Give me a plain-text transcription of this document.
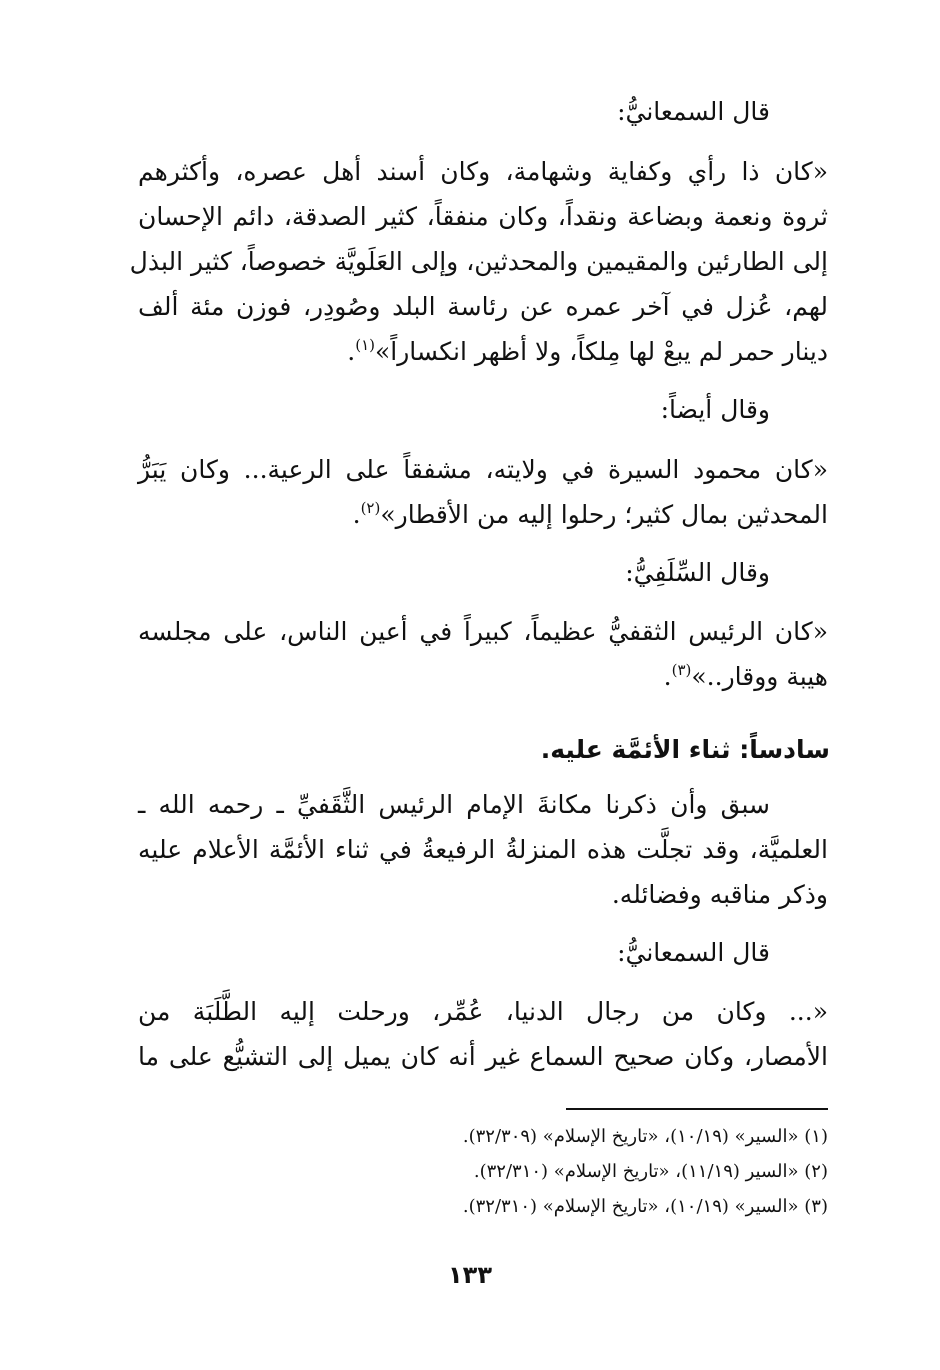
قال السمعانيُّ:
«كان ذا رأي وكفاية وشهامة، وكان أسند أهل عصره، وأكثرهم
ثروة ونعمة وبضاعة ونقداً، وكان منفقاً، كثير الصدقة، دائم الإحسان
إلى الطارئين والمقيمين والمحدثين، وإلى العَلَويَّة خصوصاً، كثير البذل
لهم، عُزل في آخر عمره عن رئاسة البلد وصُودِر، فوزن مئة ألف
دينار حمر لم يبعْ لها مِلكاً، ولا أظهر انكساراً»$^{(١)}$.
وقال أيضاً:
«كان محمود السيرة في ولايته، مشفقاً على الرعية... وكان يَبَرُّ
المحدثين بمال كثير؛ رحلوا إليه من الأقطار»$^{(٢)}$.
وقال السِّلَفِيُّ:
«كان الرئيس الثقفيُّ عظيماً، كبيراً في أعين الناس، على مجلسه
هيبة ووقار..»$^{(٣)}$.
سادساً: ثناء الأئمَّة عليه.
سبق وأن ذكرنا مكانةَ الإمام الرئيس الثَّقَفيِّ ـ رحمه الله ـ
العلميَّة، وقد تجلَّت هذه المنزلةُ الرفيعةُ في ثناء الأئمَّة الأعلام عليه
وذكر مناقبه وفضائله.
قال السمعانيُّ:
«... وكان من رجال الدنيا، عُمِّر، ورحلت إليه الطَّلَبَة من
الأمصار، وكان صحيح السماع غير أنه كان يميل إلى التشيُّع على ما
(١) «السير» (١٠/١٩)، «تاريخ الإسلام» (٣٢/٣٠٩).
(٢) «السير (١١/١٩)، «تاريخ الإسلام» (٣٢/٣١٠).
(٣) «السير» (١٠/١٩)، «تاريخ الإسلام» (٣٢/٣١٠).
١٣٣
